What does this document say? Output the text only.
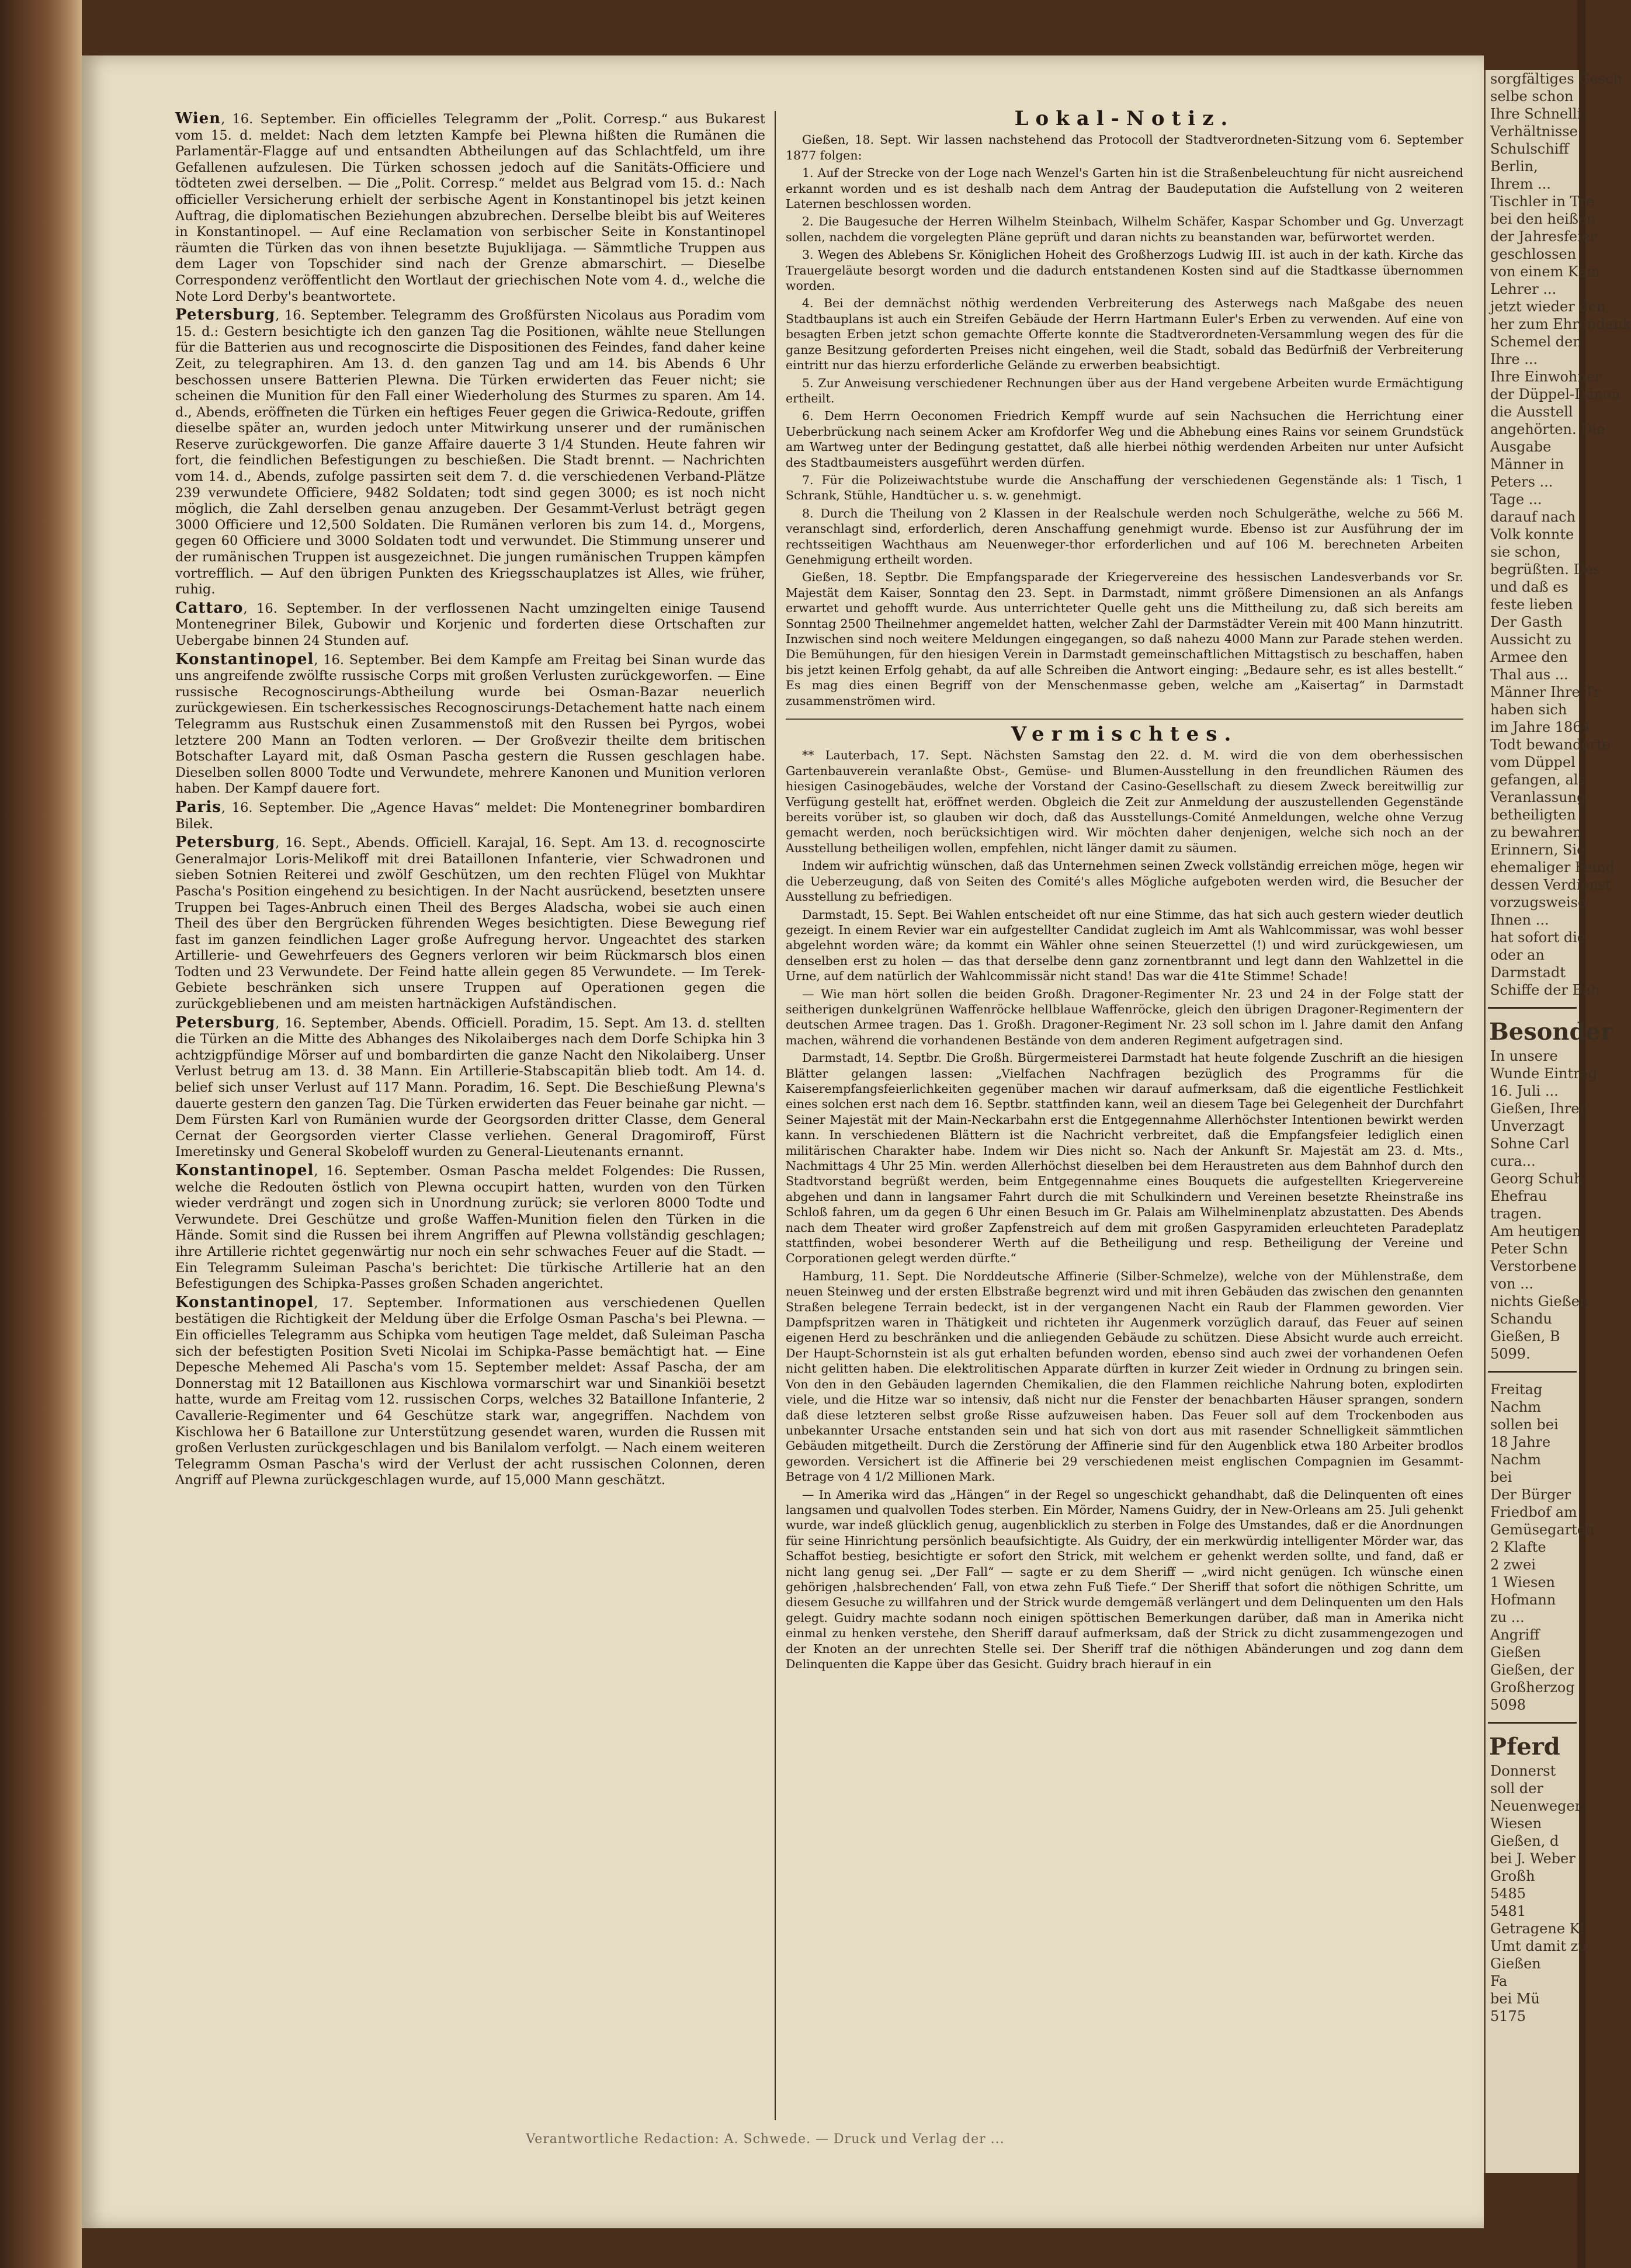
Wien, 16. September. Ein officielles Telegramm der „Polit. Corresp.“ aus Bukarest vom 15. d. meldet: Nach dem letzten Kampfe bei Plewna hißten die Rumänen die Parlamentär-Flagge auf und entsandten Abtheilungen auf das Schlachtfeld, um ihre Gefallenen aufzulesen. Die Türken schossen jedoch auf die Sanitäts-Officiere und tödteten zwei derselben. — Die „Polit. Corresp.“ meldet aus Belgrad vom 15. d.: Nach officieller Versicherung erhielt der serbische Agent in Konstantinopel bis jetzt keinen Auftrag, die diplomatischen Beziehungen abzubrechen. Derselbe bleibt bis auf Weiteres in Konstantinopel. — Auf eine Reclamation von serbischer Seite in Konstantinopel räumten die Türken das von ihnen besetzte Bujuklijaga. — Sämmtliche Truppen aus dem Lager von Topschider sind nach der Grenze abmarschirt. — Dieselbe Correspondenz veröffentlicht den Wortlaut der griechischen Note vom 4. d., welche die Note Lord Derby's beantwortete.

Petersburg, 16. September. Telegramm des Großfürsten Nicolaus aus Poradim vom 15. d.: Gestern besichtigte ich den ganzen Tag die Positionen, wählte neue Stellungen für die Batterien aus und recognoscirte die Dispositionen des Feindes, fand daher keine Zeit, zu telegraphiren. Am 13. d. den ganzen Tag und am 14. bis Abends 6 Uhr beschossen unsere Batterien Plewna. Die Türken erwiderten das Feuer nicht; sie scheinen die Munition für den Fall einer Wiederholung des Sturmes zu sparen. Am 14. d., Abends, eröffneten die Türken ein heftiges Feuer gegen die Griwica-Redoute, griffen dieselbe später an, wurden jedoch unter Mitwirkung unserer und der rumänischen Reserve zurückgeworfen. Die ganze Affaire dauerte 3 1/4 Stunden. Heute fahren wir fort, die feindlichen Befestigungen zu beschießen. Die Stadt brennt. — Nachrichten vom 14. d., Abends, zufolge passirten seit dem 7. d. die verschiedenen Verband-Plätze 239 verwundete Officiere, 9482 Soldaten; todt sind gegen 3000; es ist noch nicht möglich, die Zahl derselben genau anzugeben. Der Gesammt-Verlust beträgt gegen 3000 Officiere und 12,500 Soldaten. Die Rumänen verloren bis zum 14. d., Morgens, gegen 60 Officiere und 3000 Soldaten todt und verwundet. Die Stimmung unserer und der rumänischen Truppen ist ausgezeichnet. Die jungen rumänischen Truppen kämpfen vortrefflich. — Auf den übrigen Punkten des Kriegsschauplatzes ist Alles, wie früher, ruhig.

Cattaro, 16. September. In der verflossenen Nacht umzingelten einige Tausend Montenegriner Bilek, Gubowir und Korjenic und forderten diese Ortschaften zur Uebergabe binnen 24 Stunden auf.

Konstantinopel, 16. September. Bei dem Kampfe am Freitag bei Sinan wurde das uns angreifende zwölfte russische Corps mit großen Verlusten zurückgeworfen. — Eine russische Recognoscirungs-Abtheilung wurde bei Osman-Bazar neuerlich zurückgewiesen. Ein tscherkessisches Recognoscirungs-Detachement hatte nach einem Telegramm aus Rustschuk einen Zusammenstoß mit den Russen bei Pyrgos, wobei letztere 200 Mann an Todten verloren. — Der Großvezir theilte dem britischen Botschafter Layard mit, daß Osman Pascha gestern die Russen geschlagen habe. Dieselben sollen 8000 Todte und Verwundete, mehrere Kanonen und Munition verloren haben. Der Kampf dauere fort.

Paris, 16. September. Die „Agence Havas“ meldet: Die Montenegriner bombardiren Bilek.

Petersburg, 16. Sept., Abends. Officiell. Karajal, 16. Sept. Am 13. d. recognoscirte Generalmajor Loris-Melikoff mit drei Bataillonen Infanterie, vier Schwadronen und sieben Sotnien Reiterei und zwölf Geschützen, um den rechten Flügel von Mukhtar Pascha's Position eingehend zu besichtigen. In der Nacht ausrückend, besetzten unsere Truppen bei Tages-Anbruch einen Theil des Berges Aladscha, wobei sie auch einen Theil des über den Bergrücken führenden Weges besichtigten. Diese Bewegung rief fast im ganzen feindlichen Lager große Aufregung hervor. Ungeachtet des starken Artillerie- und Gewehrfeuers des Gegners verloren wir beim Rückmarsch blos einen Todten und 23 Verwundete. Der Feind hatte allein gegen 85 Verwundete. — Im Terek-Gebiete beschränken sich unsere Truppen auf Operationen gegen die zurückgebliebenen und am meisten hartnäckigen Aufständischen.

Petersburg, 16. September, Abends. Officiell. Poradim, 15. Sept. Am 13. d. stellten die Türken an die Mitte des Abhanges des Nikolaiberges nach dem Dorfe Schipka hin 3 achtzigpfündige Mörser auf und bombardirten die ganze Nacht den Nikolaiberg. Unser Verlust betrug am 13. d. 38 Mann. Ein Artillerie-Stabscapitän blieb todt. Am 14. d. belief sich unser Verlust auf 117 Mann. Poradim, 16. Sept. Die Beschießung Plewna's dauerte gestern den ganzen Tag. Die Türken erwiderten das Feuer beinahe gar nicht. — Dem Fürsten Karl von Rumänien wurde der Georgsorden dritter Classe, dem General Cernat der Georgsorden vierter Classe verliehen. General Dragomiroff, Fürst Imeretinsky und General Skobeloff wurden zu General-Lieutenants ernannt.

Konstantinopel, 16. September. Osman Pascha meldet Folgendes: Die Russen, welche die Redouten östlich von Plewna occupirt hatten, wurden von den Türken wieder verdrängt und zogen sich in Unordnung zurück; sie verloren 8000 Todte und Verwundete. Drei Geschütze und große Waffen-Munition fielen den Türken in die Hände. Somit sind die Russen bei ihrem Angriffen auf Plewna vollständig geschlagen; ihre Artillerie richtet gegenwärtig nur noch ein sehr schwaches Feuer auf die Stadt. — Ein Telegramm Suleiman Pascha's berichtet: Die türkische Artillerie hat an den Befestigungen des Schipka-Passes großen Schaden angerichtet.

Konstantinopel, 17. September. Informationen aus verschiedenen Quellen bestätigen die Richtigkeit der Meldung über die Erfolge Osman Pascha's bei Plewna. — Ein officielles Telegramm aus Schipka vom heutigen Tage meldet, daß Suleiman Pascha sich der befestigten Position Sveti Nicolai im Schipka-Passe bemächtigt hat. — Eine Depesche Mehemed Ali Pascha's vom 15. September meldet: Assaf Pascha, der am Donnerstag mit 12 Bataillonen aus Kischlowa vormarschirt war und Sinankiöi besetzt hatte, wurde am Freitag vom 12. russischen Corps, welches 32 Bataillone Infanterie, 2 Cavallerie-Regimenter und 64 Geschütze stark war, angegriffen. Nachdem von Kischlowa her 6 Bataillone zur Unterstützung gesendet waren, wurden die Russen mit großen Verlusten zurückgeschlagen und bis Banilalom verfolgt. — Nach einem weiteren Telegramm Osman Pascha's wird der Verlust der acht russischen Colonnen, deren Angriff auf Plewna zurückgeschlagen wurde, auf 15,000 Mann geschätzt.

Lokal-Notiz.

Gießen, 18. Sept. Wir lassen nachstehend das Protocoll der Stadtverordneten-Sitzung vom 6. September 1877 folgen:

1. Auf der Strecke von der Loge nach Wenzel's Garten hin ist die Straßenbeleuchtung für nicht ausreichend erkannt worden und es ist deshalb nach dem Antrag der Baudeputation die Aufstellung von 2 weiteren Laternen beschlossen worden.

2. Die Baugesuche der Herren Wilhelm Steinbach, Wilhelm Schäfer, Kaspar Schomber und Gg. Unverzagt sollen, nachdem die vorgelegten Pläne geprüft und daran nichts zu beanstanden war, befürwortet werden.

3. Wegen des Ablebens Sr. Königlichen Hoheit des Großherzogs Ludwig III. ist auch in der kath. Kirche das Trauergeläute besorgt worden und die dadurch entstandenen Kosten sind auf die Stadtkasse übernommen worden.

4. Bei der demnächst nöthig werdenden Verbreiterung des Asterwegs nach Maßgabe des neuen Stadtbauplans ist auch ein Streifen Gebäude der Herrn Hartmann Euler's Erben zu verwenden. Auf eine von besagten Erben jetzt schon gemachte Offerte konnte die Stadtverordneten-Versammlung wegen des für die ganze Besitzung geforderten Preises nicht eingehen, weil die Stadt, sobald das Bedürfniß der Verbreiterung eintritt nur das hierzu erforderliche Gelände zu erwerben beabsichtigt.

5. Zur Anweisung verschiedener Rechnungen über aus der Hand vergebene Arbeiten wurde Ermächtigung ertheilt.

6. Dem Herrn Oeconomen Friedrich Kempff wurde auf sein Nachsuchen die Herrichtung einer Ueberbrückung nach seinem Acker am Krofdorfer Weg und die Abhebung eines Rains vor seinem Grundstück am Wartweg unter der Bedingung gestattet, daß alle hierbei nöthig werdenden Arbeiten nur unter Aufsicht des Stadtbaumeisters ausgeführt werden dürfen.

7. Für die Polizeiwachtstube wurde die Anschaffung der verschiedenen Gegenstände als: 1 Tisch, 1 Schrank, Stühle, Handtücher u. s. w. genehmigt.

8. Durch die Theilung von 2 Klassen in der Realschule werden noch Schulgeräthe, welche zu 566 M. veranschlagt sind, erforderlich, deren Anschaffung genehmigt wurde. Ebenso ist zur Ausführung der im rechtsseitigen Wachthaus am Neuenweger-thor erforderlichen und auf 106 M. berechneten Arbeiten Genehmigung ertheilt worden.

Gießen, 18. Septbr. Die Empfangsparade der Kriegervereine des hessischen Landesverbands vor Sr. Majestät dem Kaiser, Sonntag den 23. Sept. in Darmstadt, nimmt größere Dimensionen an als Anfangs erwartet und gehofft wurde. Aus unterrichteter Quelle geht uns die Mittheilung zu, daß sich bereits am Sonntag 2500 Theilnehmer angemeldet hatten, welcher Zahl der Darmstädter Verein mit 400 Mann hinzutritt. Inzwischen sind noch weitere Meldungen eingegangen, so daß nahezu 4000 Mann zur Parade stehen werden. Die Bemühungen, für den hiesigen Verein in Darmstadt gemeinschaftlichen Mittagstisch zu beschaffen, haben bis jetzt keinen Erfolg gehabt, da auf alle Schreiben die Antwort einging: „Bedaure sehr, es ist alles bestellt.“ Es mag dies einen Begriff von der Menschenmasse geben, welche am „Kaisertag“ in Darmstadt zusammenströmen wird.

Vermischtes.

** Lauterbach, 17. Sept. Nächsten Samstag den 22. d. M. wird die von dem oberhessischen Gartenbauverein veranlaßte Obst-, Gemüse- und Blumen-Ausstellung in den freundlichen Räumen des hiesigen Casinogebäudes, welche der Vorstand der Casino-Gesellschaft zu diesem Zweck bereitwillig zur Verfügung gestellt hat, eröffnet werden. Obgleich die Zeit zur Anmeldung der auszustellenden Gegenstände bereits vorüber ist, so glauben wir doch, daß das Ausstellungs-Comité Anmeldungen, welche ohne Verzug gemacht werden, noch berücksichtigen wird. Wir möchten daher denjenigen, welche sich noch an der Ausstellung betheiligen wollen, empfehlen, nicht länger damit zu säumen.

Indem wir aufrichtig wünschen, daß das Unternehmen seinen Zweck vollständig erreichen möge, hegen wir die Ueberzeugung, daß von Seiten des Comité's alles Mögliche aufgeboten werden wird, die Besucher der Ausstellung zu befriedigen.

Darmstadt, 15. Sept. Bei Wahlen entscheidet oft nur eine Stimme, das hat sich auch gestern wieder deutlich gezeigt. In einem Revier war ein aufgestellter Candidat zugleich im Amt als Wahlcommissar, was wohl besser abgelehnt worden wäre; da kommt ein Wähler ohne seinen Steuerzettel (!) und wird zurückgewiesen, um denselben erst zu holen — das that derselbe denn ganz zornentbrannt und legt dann den Wahlzettel in die Urne, auf dem natürlich der Wahlcommissär nicht stand! Das war die 41te Stimme! Schade!

— Wie man hört sollen die beiden Großh. Dragoner-Regimenter Nr. 23 und 24 in der Folge statt der seitherigen dunkelgrünen Waffenröcke hellblaue Waffenröcke, gleich den übrigen Dragoner-Regimentern der deutschen Armee tragen. Das 1. Großh. Dragoner-Regiment Nr. 23 soll schon im l. Jahre damit den Anfang machen, während die vorhandenen Bestände von dem anderen Regiment aufgetragen sind.

Darmstadt, 14. Septbr. Die Großh. Bürgermeisterei Darmstadt hat heute folgende Zuschrift an die hiesigen Blätter gelangen lassen: „Vielfachen Nachfragen bezüglich des Programms für die Kaiserempfangsfeierlichkeiten gegenüber machen wir darauf aufmerksam, daß die eigentliche Festlichkeit eines solchen erst nach dem 16. Septbr. stattfinden kann, weil an diesem Tage bei Gelegenheit der Durchfahrt Seiner Majestät mit der Main-Neckarbahn erst die Entgegennahme Allerhöchster Intentionen bewirkt werden kann. In verschiedenen Blättern ist die Nachricht verbreitet, daß die Empfangsfeier lediglich einen militärischen Charakter habe. Indem wir Dies nicht so. Nach der Ankunft Sr. Majestät am 23. d. Mts., Nachmittags 4 Uhr 25 Min. werden Allerhöchst dieselben bei dem Heraustreten aus dem Bahnhof durch den Stadtvorstand begrüßt werden, beim Entgegennahme eines Bouquets die aufgestellten Kriegervereine abgehen und dann in langsamer Fahrt durch die mit Schulkindern und Vereinen besetzte Rheinstraße ins Schloß fahren, um da gegen 6 Uhr einen Besuch im Gr. Palais am Wilhelminenplatz abzustatten. Des Abends nach dem Theater wird großer Zapfenstreich auf dem mit großen Gaspyramiden erleuchteten Paradeplatz stattfinden, wobei besonderer Werth auf die Betheiligung und resp. Betheiligung der Vereine und Corporationen gelegt werden dürfte.“

Hamburg, 11. Sept. Die Norddeutsche Affinerie (Silber-Schmelze), welche von der Mühlenstraße, dem neuen Steinweg und der ersten Elbstraße begrenzt wird und mit ihren Gebäuden das zwischen den genannten Straßen belegene Terrain bedeckt, ist in der vergangenen Nacht ein Raub der Flammen geworden. Vier Dampfspritzen waren in Thätigkeit und richteten ihr Augenmerk vorzüglich darauf, das Feuer auf seinen eigenen Herd zu beschränken und die anliegenden Gebäude zu schützen. Diese Absicht wurde auch erreicht. Der Haupt-Schornstein ist als gut erhalten befunden worden, ebenso sind auch zwei der vorhandenen Oefen nicht gelitten haben. Die elektrolitischen Apparate dürften in kurzer Zeit wieder in Ordnung zu bringen sein. Von den in den Gebäuden lagernden Chemikalien, die den Flammen reichliche Nahrung boten, explodirten viele, und die Hitze war so intensiv, daß nicht nur die Fenster der benachbarten Häuser sprangen, sondern daß diese letzteren selbst große Risse aufzuweisen haben. Das Feuer soll auf dem Trockenboden aus unbekannter Ursache entstanden sein und hat sich von dort aus mit rasender Schnelligkeit sämmtlichen Gebäuden mitgetheilt. Durch die Zerstörung der Affinerie sind für den Augenblick etwa 180 Arbeiter brodlos geworden. Versichert ist die Affinerie bei 29 verschiedenen meist englischen Compagnien im Gesammt-Betrage von 4 1/2 Millionen Mark.

— In Amerika wird das „Hängen“ in der Regel so ungeschickt gehandhabt, daß die Delinquenten oft eines langsamen und qualvollen Todes sterben. Ein Mörder, Namens Guidry, der in New-Orleans am 25. Juli gehenkt wurde, war indeß glücklich genug, augenblicklich zu sterben in Folge des Umstandes, daß er die Anordnungen für seine Hinrichtung persönlich beaufsichtigte. Als Guidry, der ein merkwürdig intelligenter Mörder war, das Schaffot bestieg, besichtigte er sofort den Strick, mit welchem er gehenkt werden sollte, und fand, daß er nicht lang genug sei. „Der Fall“ — sagte er zu dem Sheriff — „wird nicht genügen. Ich wünsche einen gehörigen ‚halsbrechenden‘ Fall, von etwa zehn Fuß Tiefe.“ Der Sheriff that sofort die nöthigen Schritte, um diesem Gesuche zu willfahren und der Strick wurde demgemäß verlängert und dem Delinquenten um den Hals gelegt. Guidry machte sodann noch einigen spöttischen Bemerkungen darüber, daß man in Amerika nicht einmal zu henken verstehe, den Sheriff darauf aufmerksam, daß der Strick zu dicht zusammengezogen und der Knoten an der unrechten Stelle sei. Der Sheriff traf die nöthigen Abänderungen und zog dann dem Delinquenten die Kappe über das Gesicht. Guidry brach hierauf in ein

sorgfältiges Gesch
selbe schon
Ihre Schnelli
Verhältnisse
Schulschiff
Berlin,
Ihrem ...
Tischler in Tre
bei den heißen
der Jahresfeier
geschlossen
von einem Kam
Lehrer ...
jetzt wieder den
her zum Ehrendank
Schemel den
Ihre ...
Ihre Einwohner
der Düppel-Dänen
die Ausstell
angehörten. Die
Ausgabe
Männer in
Peters ...
Tage ...
darauf nach
Volk konnte
sie schon,
begrüßten. Des
und daß es
feste lieben
Der Gasth
Aussicht zu
Armee den
Thal aus ...
Männer Ihre Tr
haben sich
im Jahre 1864
Todt bewanderte
vom Düppel
gefangen, als
Veranlassung
betheiligten
zu bewahren
Erinnern, Sie
ehemaliger Feind
dessen Verdienst
vorzugsweise
Ihnen ...
hat sofort die
oder an
Darmstadt
Schiffe der Bah
Besonder
In unsere
Wunde Eintrag
16. Juli ...
Gießen, Ihrer
Unverzagt
Sohne Carl
cura...
Georg Schuh
Ehefrau
tragen.
Am heutigen
Peter Schn
Verstorbene
von ...
nichts Gießen
Schandu
Gießen, B
5099.
Freitag
Nachm
sollen bei
18 Jahre
Nachm
bei
Der Bürger
Friedbof am
Gemüsegarten
2 Klafte
2 zwei
1 Wiesen
Hofmann
zu ...
Angriff
Gießen
Gießen, der
Großherzog
5098
Pferd
Donnerst
soll der
Neuenweger
Wiesen
Gießen, d
bei J. Weber
Großh
5485
5481
Getragene Kl
Umt damit zu
Gießen
Fa
bei Mü
5175
Verantwortliche Redaction: A. Schwede. — Druck und Verlag der ...
